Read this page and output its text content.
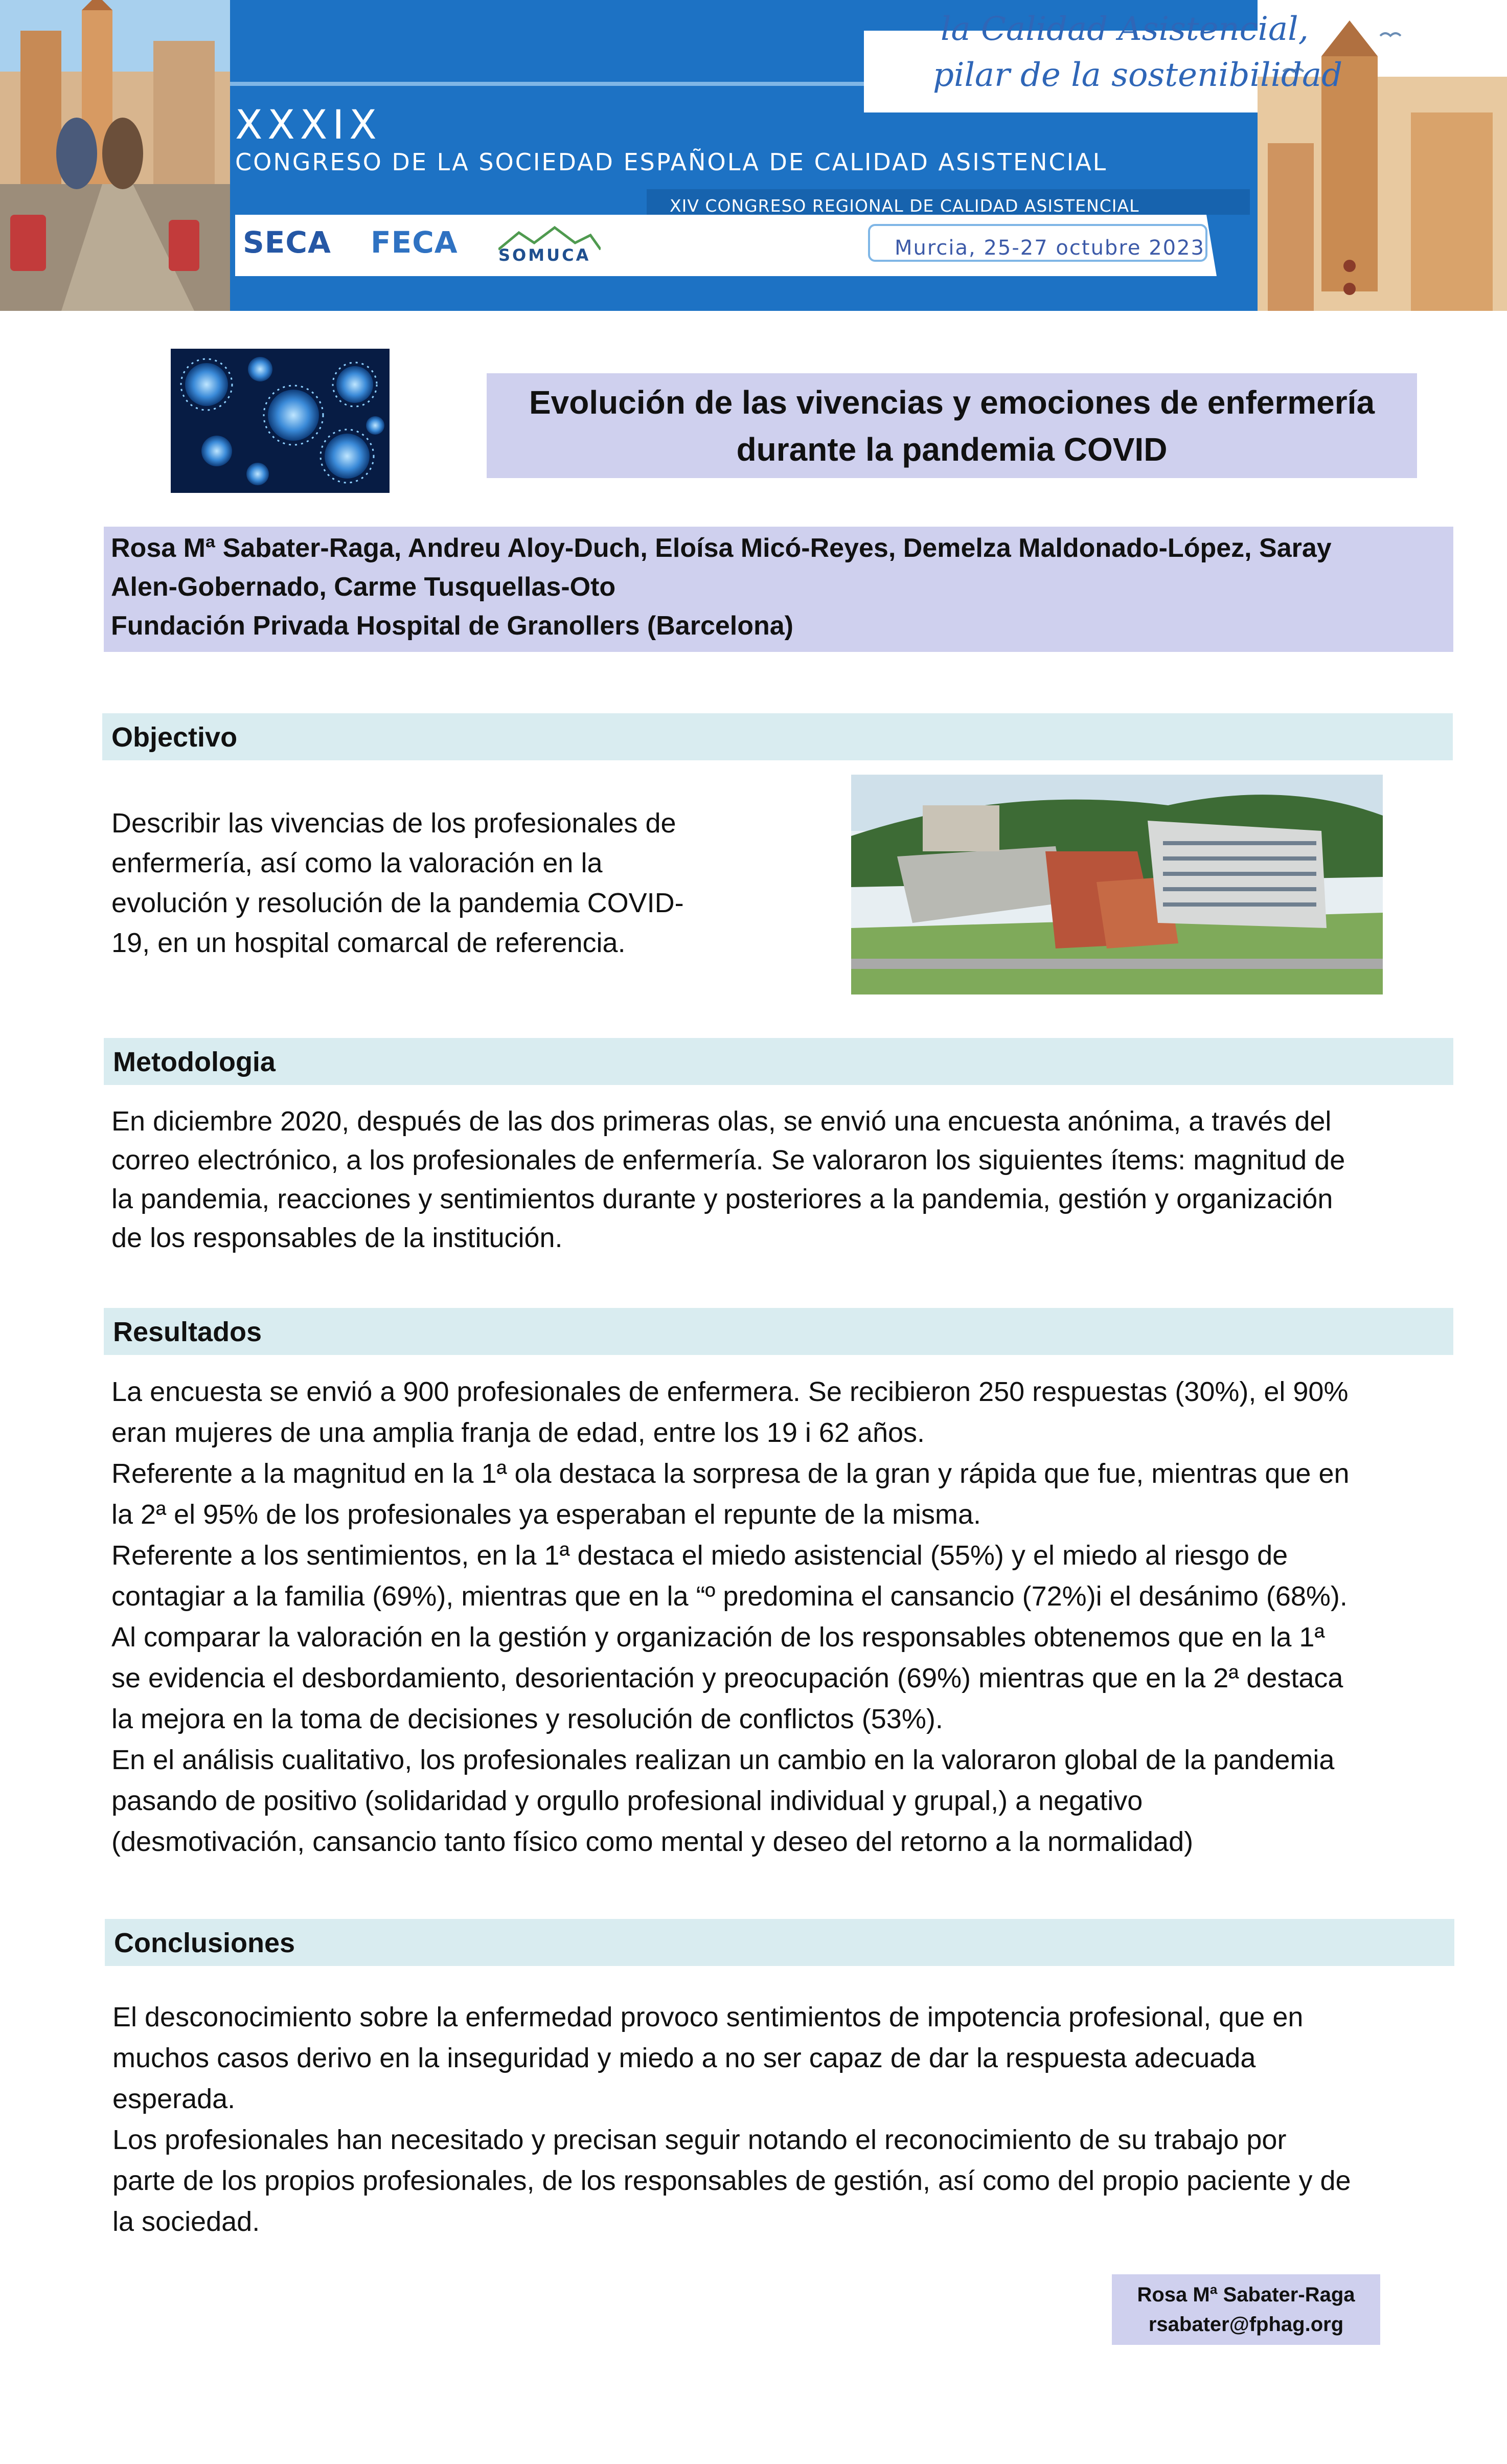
XXXIX
CONGRESO DE LA SOCIEDAD ESPAÑOLA DE CALIDAD ASISTENCIAL
XIV CONGRESO REGIONAL DE CALIDAD ASISTENCIAL
Murcia, 25-27 octubre 2023
la Calidad Asistencial,
pilar de la sostenibilidad
SECA FECA SOMUCA
Evolución de las vivencias y emociones de enfermería
durante la pandemia COVID
Rosa Mª Sabater-Raga, Andreu Aloy-Duch, Eloísa Micó-Reyes, Demelza Maldonado-López, Saray
Alen-Gobernado, Carme Tusquellas-Oto
Fundación Privada Hospital de Granollers (Barcelona)
Objectivo
Describir las vivencias de los profesionales de
enfermería, así como la valoración en la
evolución y resolución de la pandemia COVID-
19, en un hospital comarcal de referencia.
Metodologia
En diciembre 2020, después de las dos primeras olas, se envió una encuesta anónima, a través del
correo electrónico, a los profesionales de enfermería. Se valoraron los siguientes ítems: magnitud de
la pandemia, reacciones y sentimientos durante y posteriores a la pandemia, gestión y organización
de los responsables de la institución.
Resultados
La encuesta se envió a 900 profesionales de enfermera. Se recibieron 250 respuestas (30%), el 90%
eran mujeres de una amplia franja de edad, entre los 19 i 62 años.
Referente a la magnitud en la 1ª ola destaca la sorpresa de la gran y rápida que fue, mientras que en
la 2ª el 95% de los profesionales ya esperaban el repunte de la misma.
Referente a los sentimientos, en la 1ª destaca el miedo asistencial (55%) y el miedo al riesgo de
contagiar a la familia (69%), mientras que en la “º predomina el cansancio (72%)i el desánimo (68%).
Al comparar la valoración en la gestión y organización de los responsables obtenemos que en la 1ª
se evidencia el desbordamiento, desorientación y preocupación (69%) mientras que en la 2ª destaca
la mejora en la toma de decisiones y resolución de conflictos (53%).
En el análisis cualitativo, los profesionales realizan un cambio en la valoraron global de la pandemia
pasando de positivo (solidaridad y orgullo profesional individual y grupal,) a negativo
(desmotivación, cansancio tanto físico como mental y deseo del retorno a la normalidad)
Conclusiones
El desconocimiento sobre la enfermedad provoco sentimientos de impotencia profesional, que en
muchos casos derivo en la inseguridad y miedo a no ser capaz de dar la respuesta adecuada
esperada.
Los profesionales han necesitado y precisan seguir notando el reconocimiento de su trabajo por
parte de los propios profesionales, de los responsables de gestión, así como del propio paciente y de
la sociedad.
Rosa Mª Sabater-Raga
rsabater@fphag.org
